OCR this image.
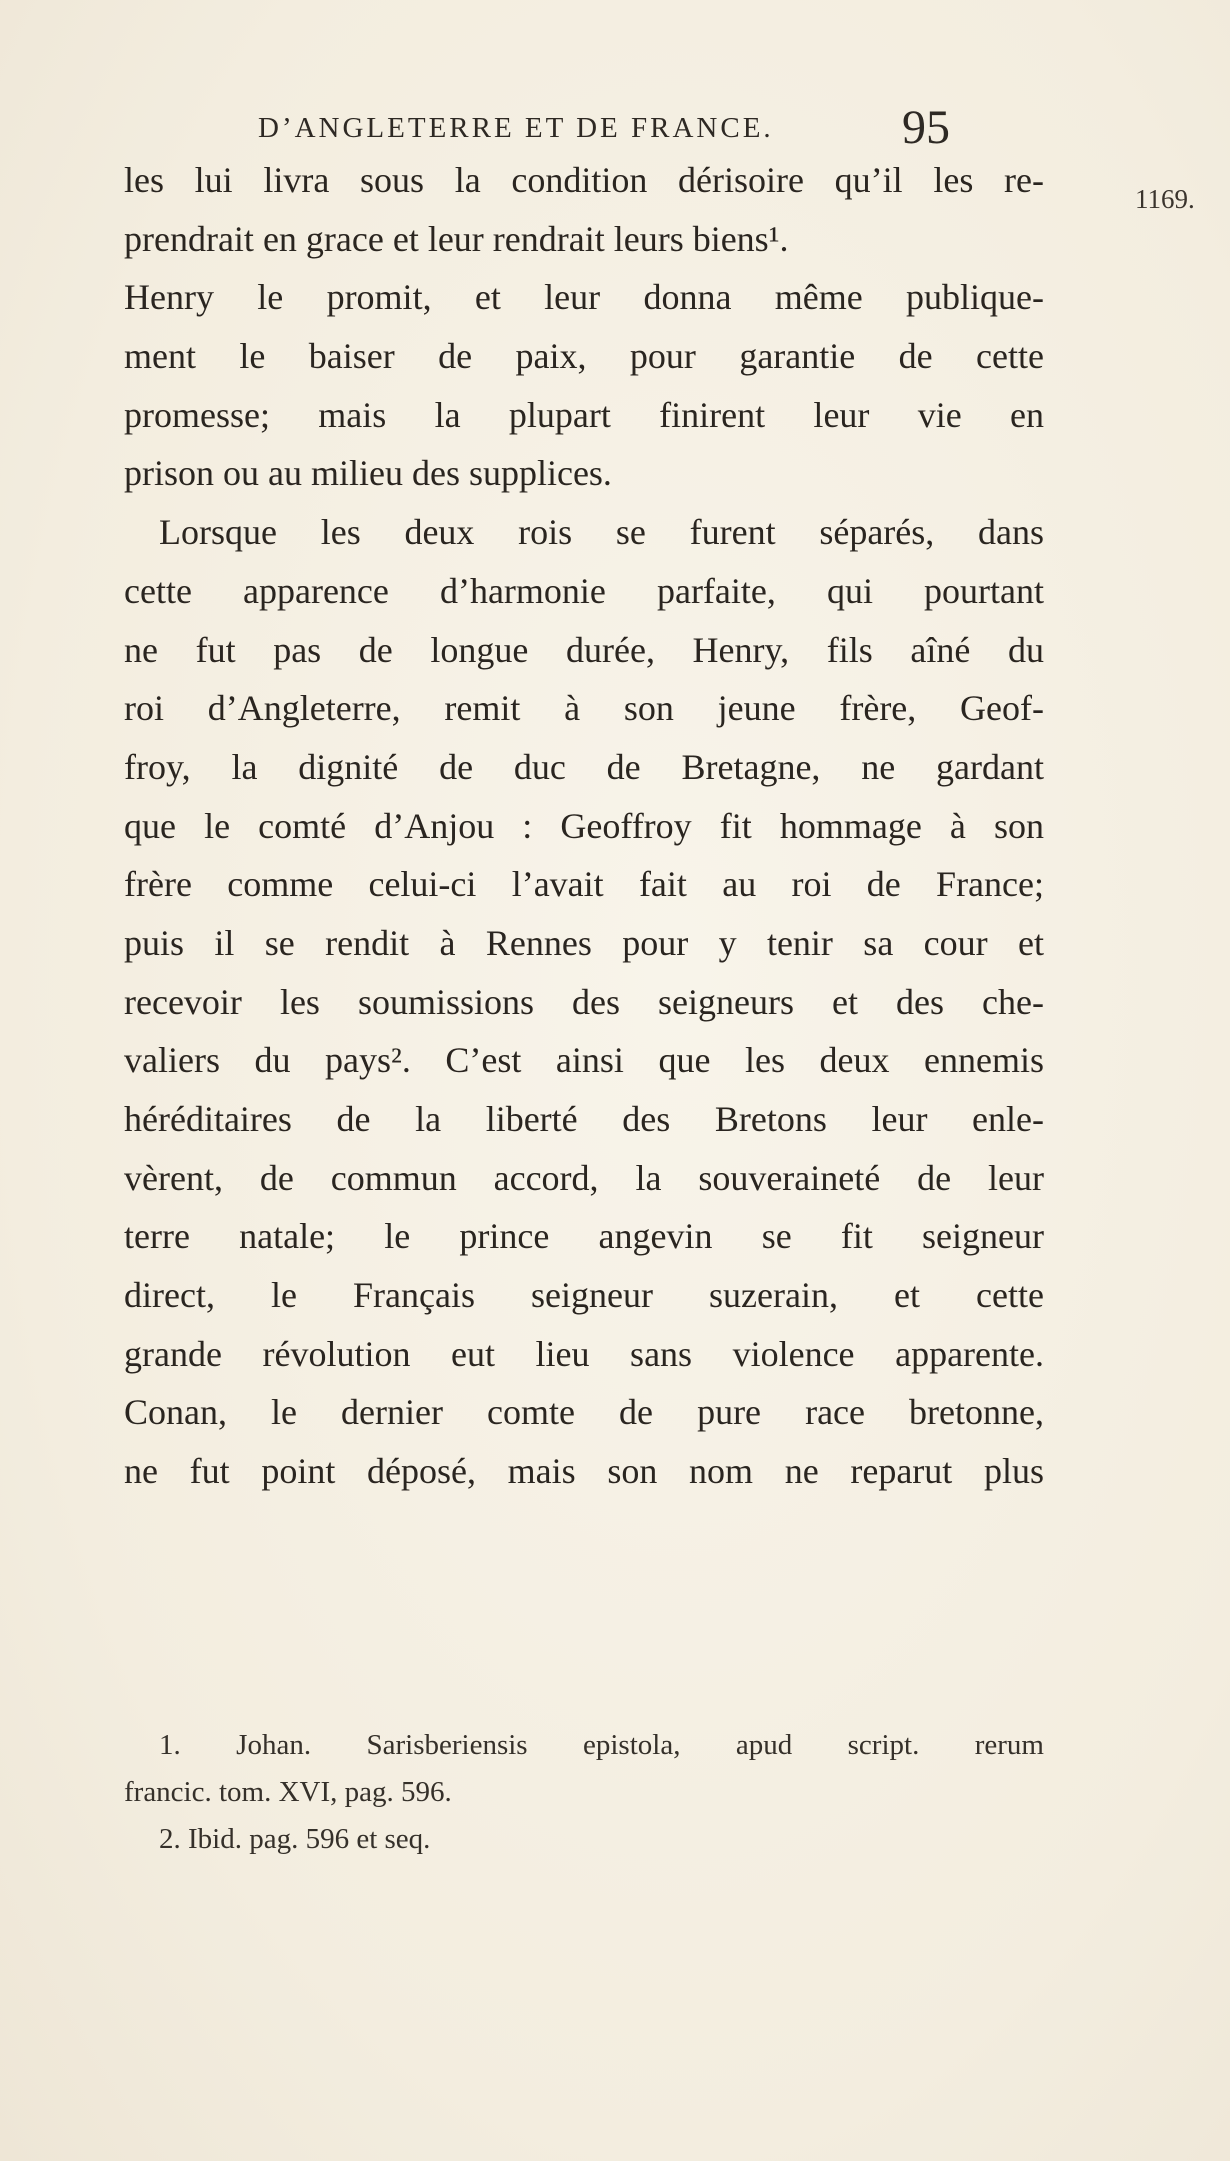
D’ANGLETERRE ET DE FRANCE.	95
1169.
les lui livra sous la condition dérisoire qu’il les re-
prendrait en grace et leur rendrait leurs biens¹.
Henry le promit, et leur donna même publique-
ment le baiser de paix, pour garantie de cette
promesse; mais la plupart finirent leur vie en
prison ou au milieu des supplices.
Lorsque les deux rois se furent séparés, dans
cette apparence d’harmonie parfaite, qui pourtant
ne fut pas de longue durée, Henry, fils aîné du
roi d’Angleterre, remit à son jeune frère, Geof-
froy, la dignité de duc de Bretagne, ne gardant
que le comté d’Anjou : Geoffroy fit hommage à son
frère comme celui-ci l’avait fait au roi de France;
puis il se rendit à Rennes pour y tenir sa cour et
recevoir les soumissions des seigneurs et des che-
valiers du pays². C’est ainsi que les deux ennemis
héréditaires de la liberté des Bretons leur enle-
vèrent, de commun accord, la souveraineté de leur
terre natale; le prince angevin se fit seigneur
direct, le Français seigneur suzerain, et cette
grande révolution eut lieu sans violence apparente.
Conan, le dernier comte de pure race bretonne,
ne fut point déposé, mais son nom ne reparut plus
1. Johan. Sarisberiensis epistola, apud script. rerum
francic. tom. XVI, pag. 596.
2. Ibid. pag. 596 et seq.
